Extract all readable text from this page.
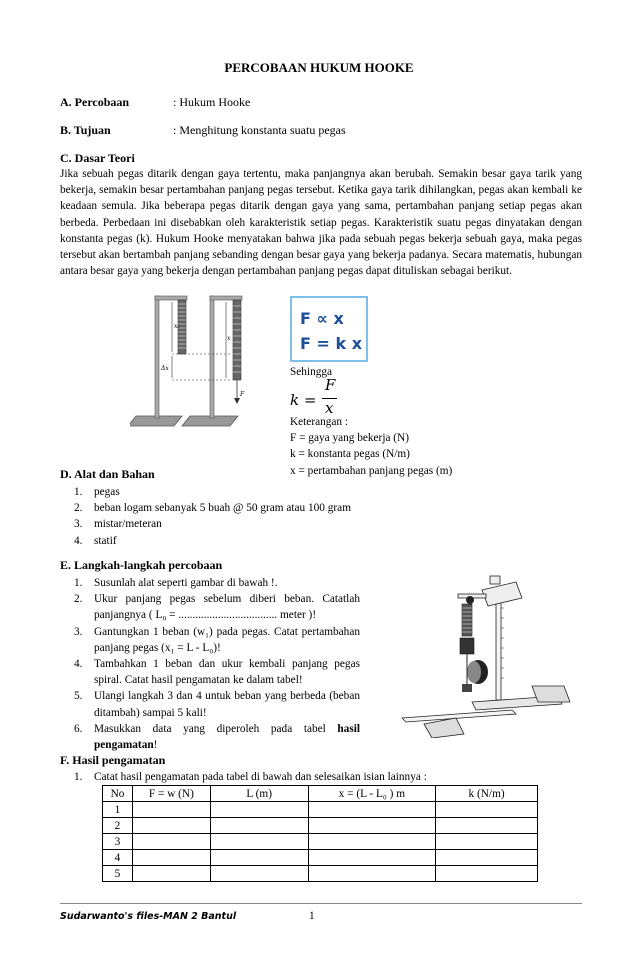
PERCOBAAN HUKUM HOOKE
A. Percobaan	: Hukum Hooke
B. Tujuan	: Menghitung konstanta suatu pegas
C. Dasar Teori
Jika sebuah pegas ditarik dengan gaya tertentu, maka panjangnya akan berubah. Semakin besar gaya tarik yang bekerja, semakin besar pertambahan panjang pegas tersebut. Ketika gaya tarik dihilangkan, pegas akan kembali ke keadaan semula. Jika beberapa pegas ditarik dengan gaya yang sama, pertambahan panjang setiap pegas akan berbeda. Perbedaan ini disebabkan oleh karakteristik setiap pegas. Karakteristik suatu pegas dinyatakan dengan konstanta pegas (k). Hukum Hooke menyatakan bahwa jika pada sebuah pegas bekerja sebuah gaya, maka pegas tersebut akan bertambah panjang sebanding dengan besar gaya yang bekerja padanya. Secara matematis, hubungan antara besar gaya yang bekerja dengan pertambahan panjang pegas dapat dituliskan sebagai berikut.
x₀
Δx
x
F
F ∝ x
F = k x
Sehingga
k =
F
x
Keterangan :
F = gaya yang bekerja (N)
k = konstanta pegas (N/m)
x = pertambahan panjang pegas (m)
D. Alat dan Bahan
1. pegas
2. beban logam sebanyak 5 buah @ 50 gram atau 100 gram
3. mistar/meteran
4. statif
E. Langkah-langkah percobaan
1. Susunlah alat seperti gambar di bawah !.
2. Ukur panjang pegas sebelum diberi beban. Catatlah panjangnya ( L₀ = ................................... meter )!
3. Gantungkan 1 beban (w₁) pada pegas. Catat pertambahan panjang pegas (x₁ = L - L₀)!
4. Tambahkan 1 beban dan ukur kembali panjang pegas spiral. Catat hasil pengamatan ke dalam tabel!
5. Ulangi langkah 3 dan 4 untuk beban yang berbeda (beban ditambah) sampai 5 kali!
6. Masukkan data yang diperoleh pada tabel hasil pengamatan!
F. Hasil pengamatan
1. Catat hasil pengamatan pada tabel di bawah dan selesaikan isian lainnya :
No	F = w (N)	L (m)	x = (L - L₀ ) m	k (N/m)
1				
2				
3				
4				
5				
Sudarwanto's files-MAN 2 Bantul	1
